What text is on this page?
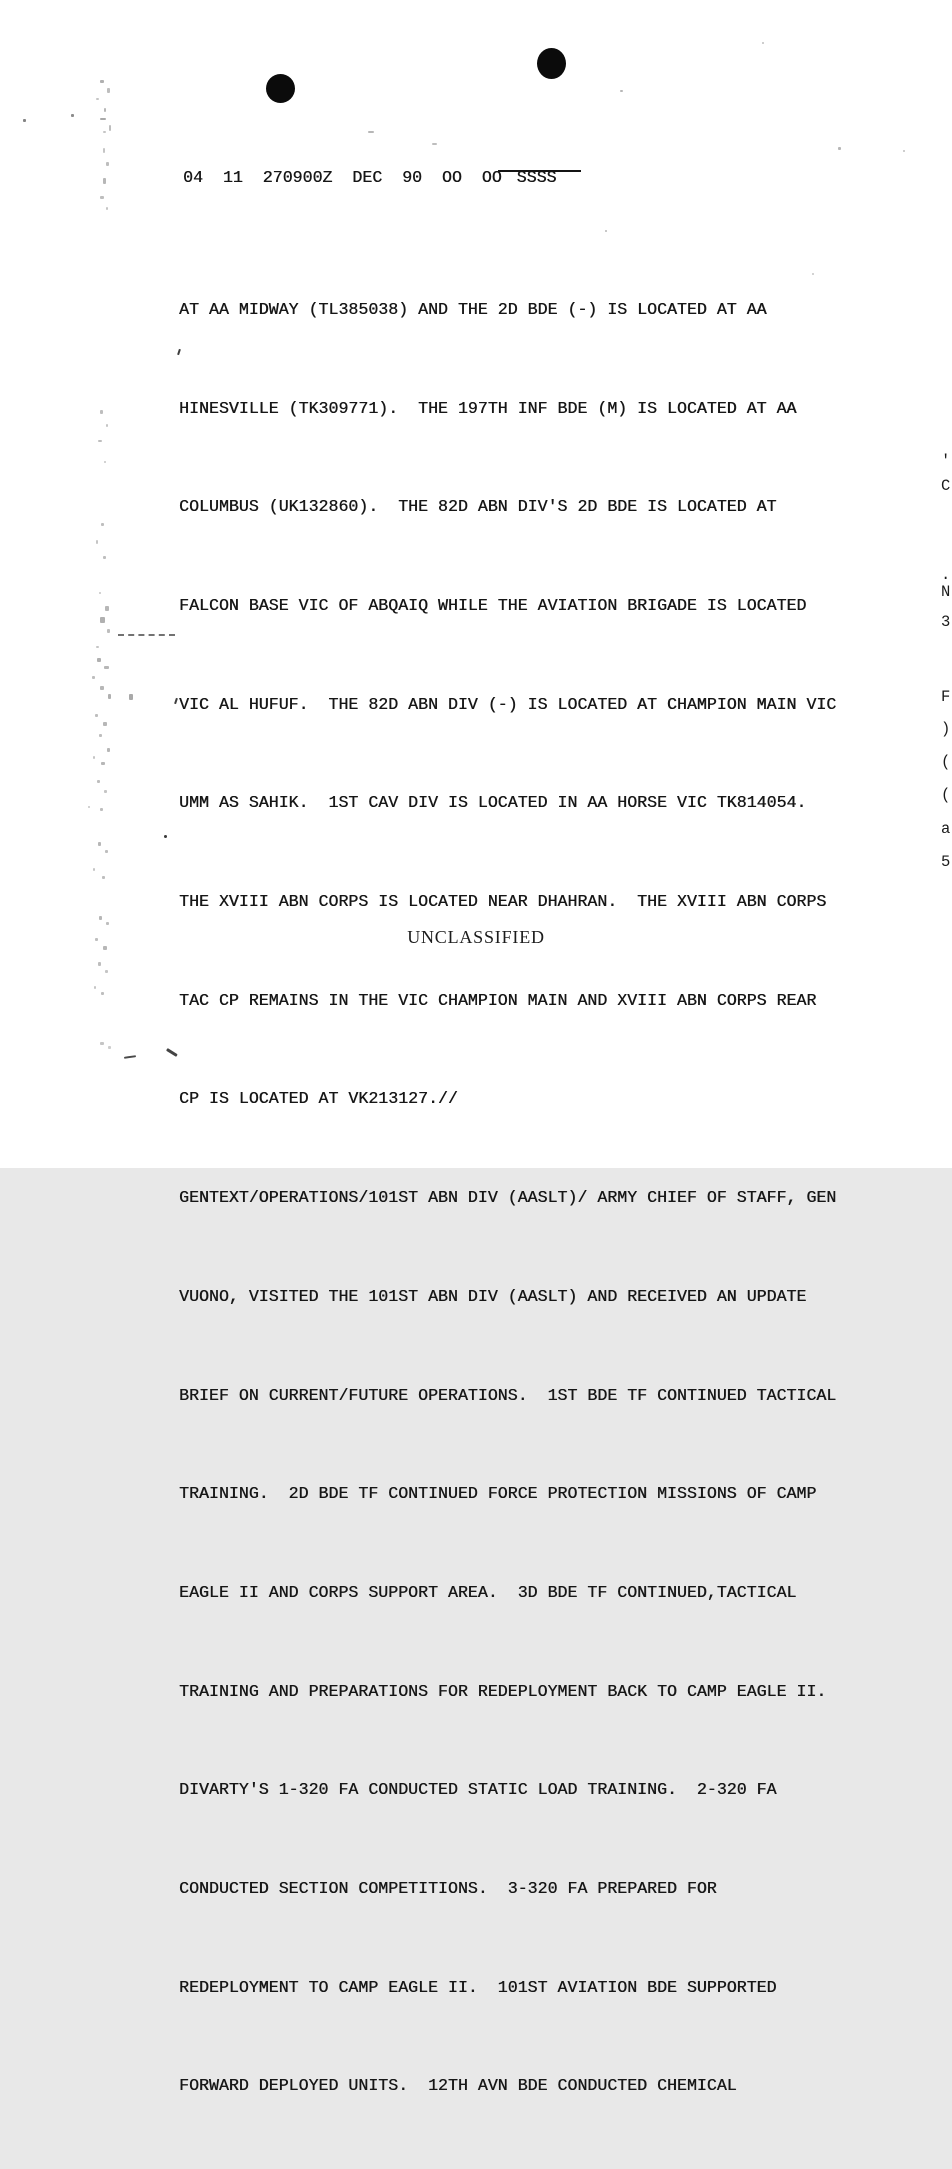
04  11  270900Z  DEC  90  OO  OO SSSS

AT AA MIDWAY (TL385038) AND THE 2D BDE (-) IS LOCATED AT AA

HINESVILLE (TK309771).  THE 197TH INF BDE (M) IS LOCATED AT AA

COLUMBUS (UK132860).  THE 82D ABN DIV'S 2D BDE IS LOCATED AT

FALCON BASE VIC OF ABQAIQ WHILE THE AVIATION BRIGADE IS LOCATED

VIC AL HUFUF.  THE 82D ABN DIV (-) IS LOCATED AT CHAMPION MAIN VIC

UMM AS SAHIK.  1ST CAV DIV IS LOCATED IN AA HORSE VIC TK814054.

THE XVIII ABN CORPS IS LOCATED NEAR DHAHRAN.  THE XVIII ABN CORPS

TAC CP REMAINS IN THE VIC CHAMPION MAIN AND XVIII ABN CORPS REAR

CP IS LOCATED AT VK213127.//

GENTEXT/OPERATIONS/101ST ABN DIV (AASLT)/ ARMY CHIEF OF STAFF, GEN

VUONO, VISITED THE 101ST ABN DIV (AASLT) AND RECEIVED AN UPDATE

BRIEF ON CURRENT/FUTURE OPERATIONS.  1ST BDE TF CONTINUED TACTICAL

TRAINING.  2D BDE TF CONTINUED FORCE PROTECTION MISSIONS OF CAMP

EAGLE II AND CORPS SUPPORT AREA.  3D BDE TF CONTINUED,TACTICAL

TRAINING AND PREPARATIONS FOR REDEPLOYMENT BACK TO CAMP EAGLE II.

DIVARTY'S 1-320 FA CONDUCTED STATIC LOAD TRAINING.  2-320 FA

CONDUCTED SECTION COMPETITIONS.  3-320 FA PREPARED FOR

REDEPLOYMENT TO CAMP EAGLE II.  101ST AVIATION BDE SUPPORTED

FORWARD DEPLOYED UNITS.  12TH AVN BDE CONDUCTED CHEMICAL

UNCLASSIFIED
'
C
.
N
3
F
)
(
(
a
5
